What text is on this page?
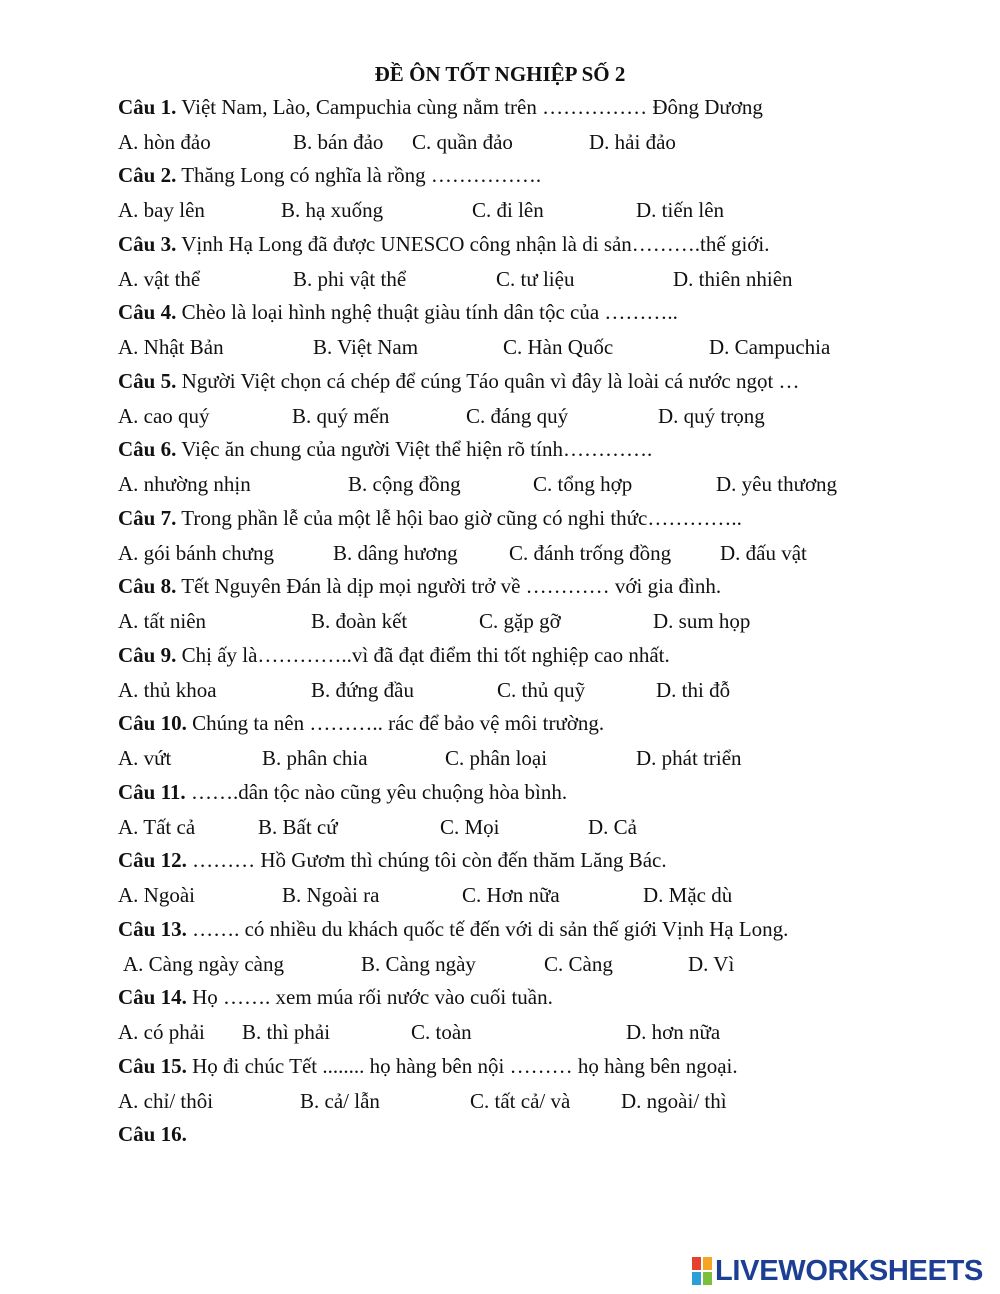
ĐỀ ÔN TỐT NGHIỆP SỐ 2
Câu 1. Việt Nam, Lào, Campuchia cùng nằm trên …………… Đông Dương
A. hòn đảo	B. bán đảo C. quần đảo	D. hải đảo
Câu 2. Thăng Long có nghĩa là rồng …………….
A. bay lên	B. hạ xuống	C. đi lên	D. tiến lên
Câu 3. Vịnh Hạ Long đã được UNESCO công nhận là di sản……….thế giới.
A. vật thể	B. phi vật thể	C. tư liệu	D. thiên nhiên
Câu 4. Chèo là loại hình nghệ thuật giàu tính dân tộc của ………..
A. Nhật Bản	B. Việt Nam	C. Hàn Quốc	D. Campuchia
Câu 5. Người Việt chọn cá chép để cúng Táo quân vì đây là loài cá nước ngọt …
A. cao quý	B. quý mến	C. đáng quý	D. quý trọng
Câu 6. Việc ăn chung của người Việt thể hiện rõ tính………….
A. nhường nhịn	B. cộng đồng	C. tổng hợp	D. yêu thương
Câu 7. Trong phần lễ của một lễ hội bao giờ cũng có nghi thức…………..
A. gói bánh chưng	B. dâng hương C. đánh trống đồng D. đấu vật
Câu 8. Tết Nguyên Đán là dịp mọi người trở về ………… với gia đình.
A. tất niên	B. đoàn kết	C. gặp gỡ	D. sum họp
Câu 9. Chị ấy là…………..vì đã đạt điểm thi tốt nghiệp cao nhất.
A. thủ khoa	B. đứng đầu	C. thủ quỹ	D. thi đỗ
Câu 10. Chúng ta nên ……….. rác để bảo vệ môi trường.
A. vứt	B. phân chia	C. phân loại	D. phát triển
Câu 11. …….dân tộc nào cũng yêu chuộng hòa bình.
A. Tất cả	B. Bất cứ	C. Mọi	D. Cả
Câu 12. ……… Hồ Gươm thì chúng tôi còn đến thăm Lăng Bác.
A. Ngoài	B. Ngoài ra	C. Hơn nữa	D. Mặc dù
Câu 13. ……. có nhiều du khách quốc tế đến với di sản thế giới Vịnh Hạ Long.
A. Càng ngày càng	B. Càng ngày	C. Càng	D. Vì
Câu 14. Họ ……. xem múa rối nước vào cuối tuần.
A. có phải B. thì phải	C. toàn	D. hơn nữa
Câu 15. Họ đi chúc Tết ........ họ hàng bên nội ……… họ hàng bên ngoại.
A. chỉ/ thôi	B. cả/ lẫn	C. tất cả/ và D. ngoài/ thì
Câu 16.
LIVEWORKSHEETS
